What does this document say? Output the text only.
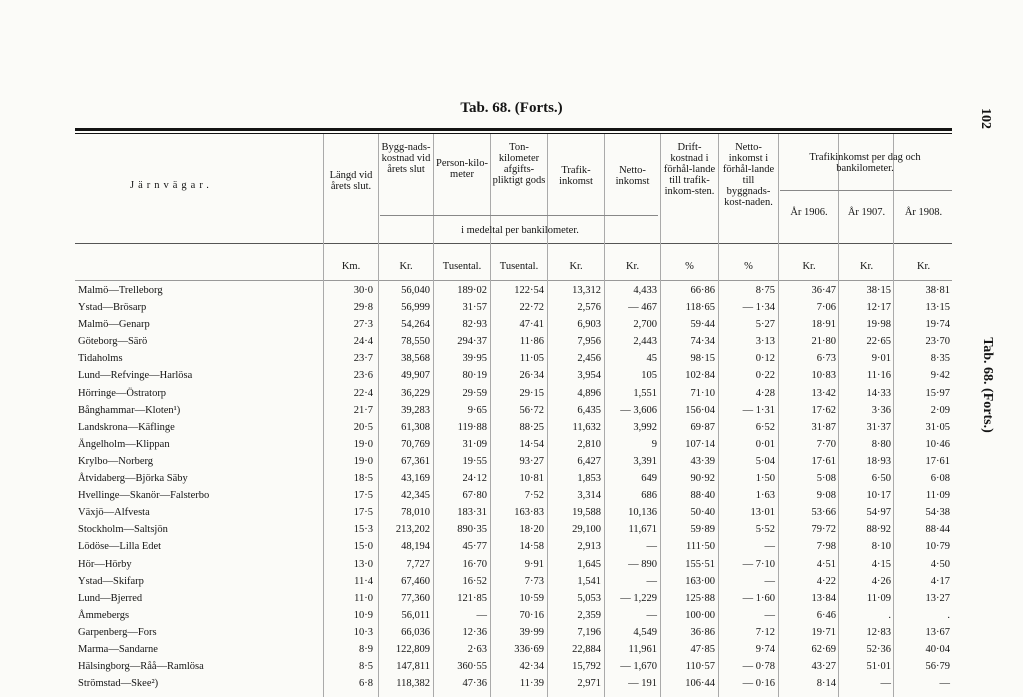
Tab. 68. (Forts.)	102
Tab. 68. (Forts.)
Järnvägar.
Längd vid årets slut.
Bygg-nads-kostnad vid årets slut
Person-kilo-meter
Ton-kilometer afgifts-pliktigt gods
Trafik-inkomst
Netto-inkomst
i medeltal per bankilometer.
Drift-kostnad i förhål-lande till trafik-inkom-sten.
Netto-inkomst i förhål-lande till byggnads-kost-naden.
Trafikinkomst per dag och bankilometer.
År 1906.	År 1907.	År 1908.
Km.	Kr.	Tusental.	Tusental.	Kr.	Kr.	%	%	Kr.	Kr.	Kr.
Malmö—Trelleborg	30·0	56,040	189·02	122·54	13,312	4,433	66·86	8·75	36·47	38·15	38·81
Ystad—Brösarp	29·8	56,999	31·57	22·72	2,576	— 467	118·65	— 1·34	7·06	12·17	13·15
Malmö—Genarp	27·3	54,264	82·93	47·41	6,903	2,700	59·44	5·27	18·91	19·98	19·74
Göteborg—Särö	24·4	78,550	294·37	11·86	7,956	2,443	74·34	3·13	21·80	22·65	23·70
Tidaholms	23·7	38,568	39·95	11·05	2,456	45	98·15	0·12	6·73	9·01	8·35
Lund—Refvinge—Harlösa	23·6	49,907	80·19	26·34	3,954	105	102·84	0·22	10·83	11·16	9·42
Hörringe—Östratorp	22·4	36,229	29·59	29·15	4,896	1,551	71·10	4·28	13·42	14·33	15·97
Bånghammar—Kloten¹)	21·7	39,283	9·65	56·72	6,435	— 3,606	156·04	— 1·31	17·62	3·36	2·09
Landskrona—Käflinge	20·5	61,308	119·88	88·25	11,632	3,992	69·87	6·52	31·87	31·37	31·05
Ängelholm—Klippan	19·0	70,769	31·09	14·54	2,810	9	107·14	0·01	7·70	8·80	10·46
Krylbo—Norberg	19·0	67,361	19·55	93·27	6,427	3,391	43·39	5·04	17·61	18·93	17·61
Åtvidaberg—Björka Säby	18·5	43,169	24·12	10·81	1,853	649	90·92	1·50	5·08	6·50	6·08
Hvellinge—Skanör—Falsterbo	17·5	42,345	67·80	7·52	3,314	686	88·40	1·63	9·08	10·17	11·09
Växjö—Alfvesta	17·5	78,010	183·31	163·83	19,588	10,136	50·40	13·01	53·66	54·97	54·38
Stockholm—Saltsjön	15·3	213,202	890·35	18·20	29,100	11,671	59·89	5·52	79·72	88·92	88·44
Lödöse—Lilla Edet	15·0	48,194	45·77	14·58	2,913	—	111·50	—	7·98	8·10	10·79
Hör—Hörby	13·0	7,727	16·70	9·91	1,645	— 890	155·51	— 7·10	4·51	4·15	4·50
Ystad—Skifarp	11·4	67,460	16·52	7·73	1,541	—	163·00	—	4·22	4·26	4·17
Lund—Bjerred	11·0	77,360	121·85	10·59	5,053	— 1,229	125·88	— 1·60	13·84	11·09	13·27
Åmmebergs	10·9	56,011	—	70·16	2,359	—	100·00	—	6·46	.	.
Garpenberg—Fors	10·3	66,036	12·36	39·99	7,196	4,549	36·86	7·12	19·71	12·83	13·67
Marma—Sandarne	8·9	122,809	2·63	336·69	22,884	11,961	47·85	9·74	62·69	52·36	40·04
Hälsingborg—Råå—Ramlösa	8·5	147,811	360·55	42·34	15,792	— 1,670	110·57	— 0·78	43·27	51·01	56·79
Strömstad—Skee²)	6·8	118,382	47·36	11·39	2,971	— 191	106·44	— 0·16	8·14	—	—
